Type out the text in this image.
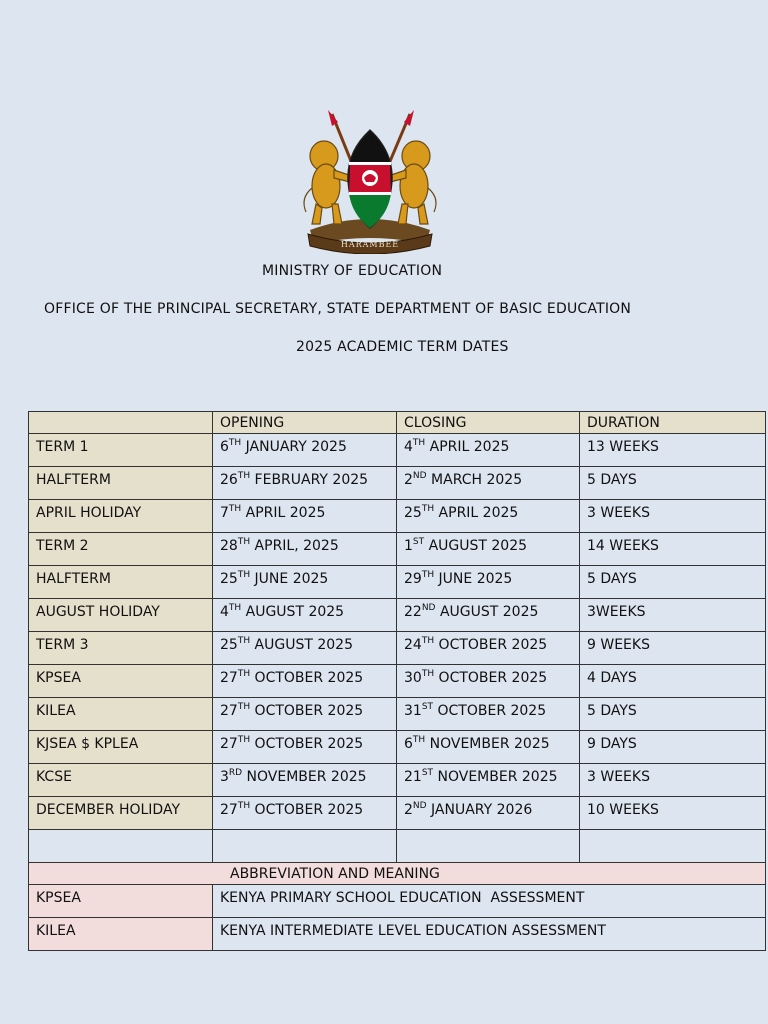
HARAMBEE
MINISTRY OF EDUCATION
OFFICE OF THE PRINCIPAL SECRETARY, STATE DEPARTMENT OF BASIC EDUCATION
2025 ACADEMIC TERM DATES
	OPENING	CLOSING	DURATION
TERM 1	6TH JANUARY 2025	4TH APRIL 2025	13 WEEKS
HALFTERM	26TH FEBRUARY 2025	2ND MARCH 2025	5 DAYS
APRIL HOLIDAY	7TH APRIL 2025	25TH APRIL 2025	3 WEEKS
TERM 2	28TH APRIL, 2025	1ST AUGUST 2025	14 WEEKS
HALFTERM	25TH JUNE 2025	29TH JUNE 2025	5 DAYS
AUGUST HOLIDAY	4TH AUGUST 2025	22ND AUGUST 2025	3WEEKS
TERM 3	25TH AUGUST 2025	24TH OCTOBER 2025	9 WEEKS
KPSEA	27TH OCTOBER 2025	30TH OCTOBER 2025	4 DAYS
KILEA	27TH OCTOBER 2025	31ST OCTOBER 2025	5 DAYS
KJSEA $ KPLEA	27TH OCTOBER 2025	6TH NOVEMBER 2025	9 DAYS
KCSE	3RD NOVEMBER 2025	21ST NOVEMBER 2025	3 WEEKS
DECEMBER HOLIDAY	27TH OCTOBER 2025	2ND JANUARY 2026	10 WEEKS

ABBREVIATION AND MEANING			
KPSEA	KENYA PRIMARY SCHOOL EDUCATION  ASSESSMENT		
KILEA	KENYA INTERMEDIATE LEVEL EDUCATION ASSESSMENT		
